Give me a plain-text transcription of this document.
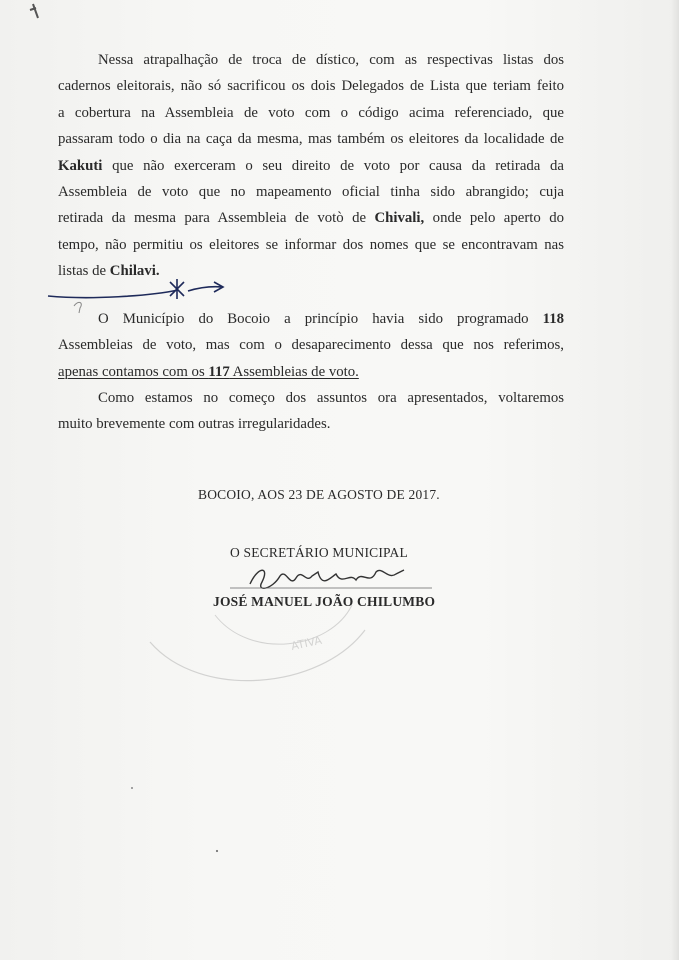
Nessa atrapalhação de troca de dístico, com as respectivas listas dos
cadernos eleitorais, não só sacrificou os dois Delegados de Lista que teriam feito
a cobertura na Assembleia de voto com o código acima referenciado, que
passaram todo o dia na caça da mesma, mas também os eleitores da localidade de
Kakuti que não exerceram o seu direito de voto por causa da retirada da
Assembleia de voto que no mapeamento oficial tinha sido abrangido; cuja
retirada da mesma para Assembleia de votò de Chivali, onde pelo aperto do
tempo, não permitiu os eleitores se informar dos nomes que se encontravam nas
listas de Chilavi.
O Município do Bocoio a princípio havia sido programado 118
Assembleias de voto, mas com o desaparecimento dessa que nos referimos,
apenas contamos com os 117 Assembleias de voto.
Como estamos no começo dos assuntos ora apresentados, voltaremos
muito brevemente com outras irregularidades.
BOCOIO, AOS 23 DE AGOSTO DE 2017.
O SECRETÁRIO MUNICIPAL
JOSÉ MANUEL JOÃO CHILUMBO
ATIVA
